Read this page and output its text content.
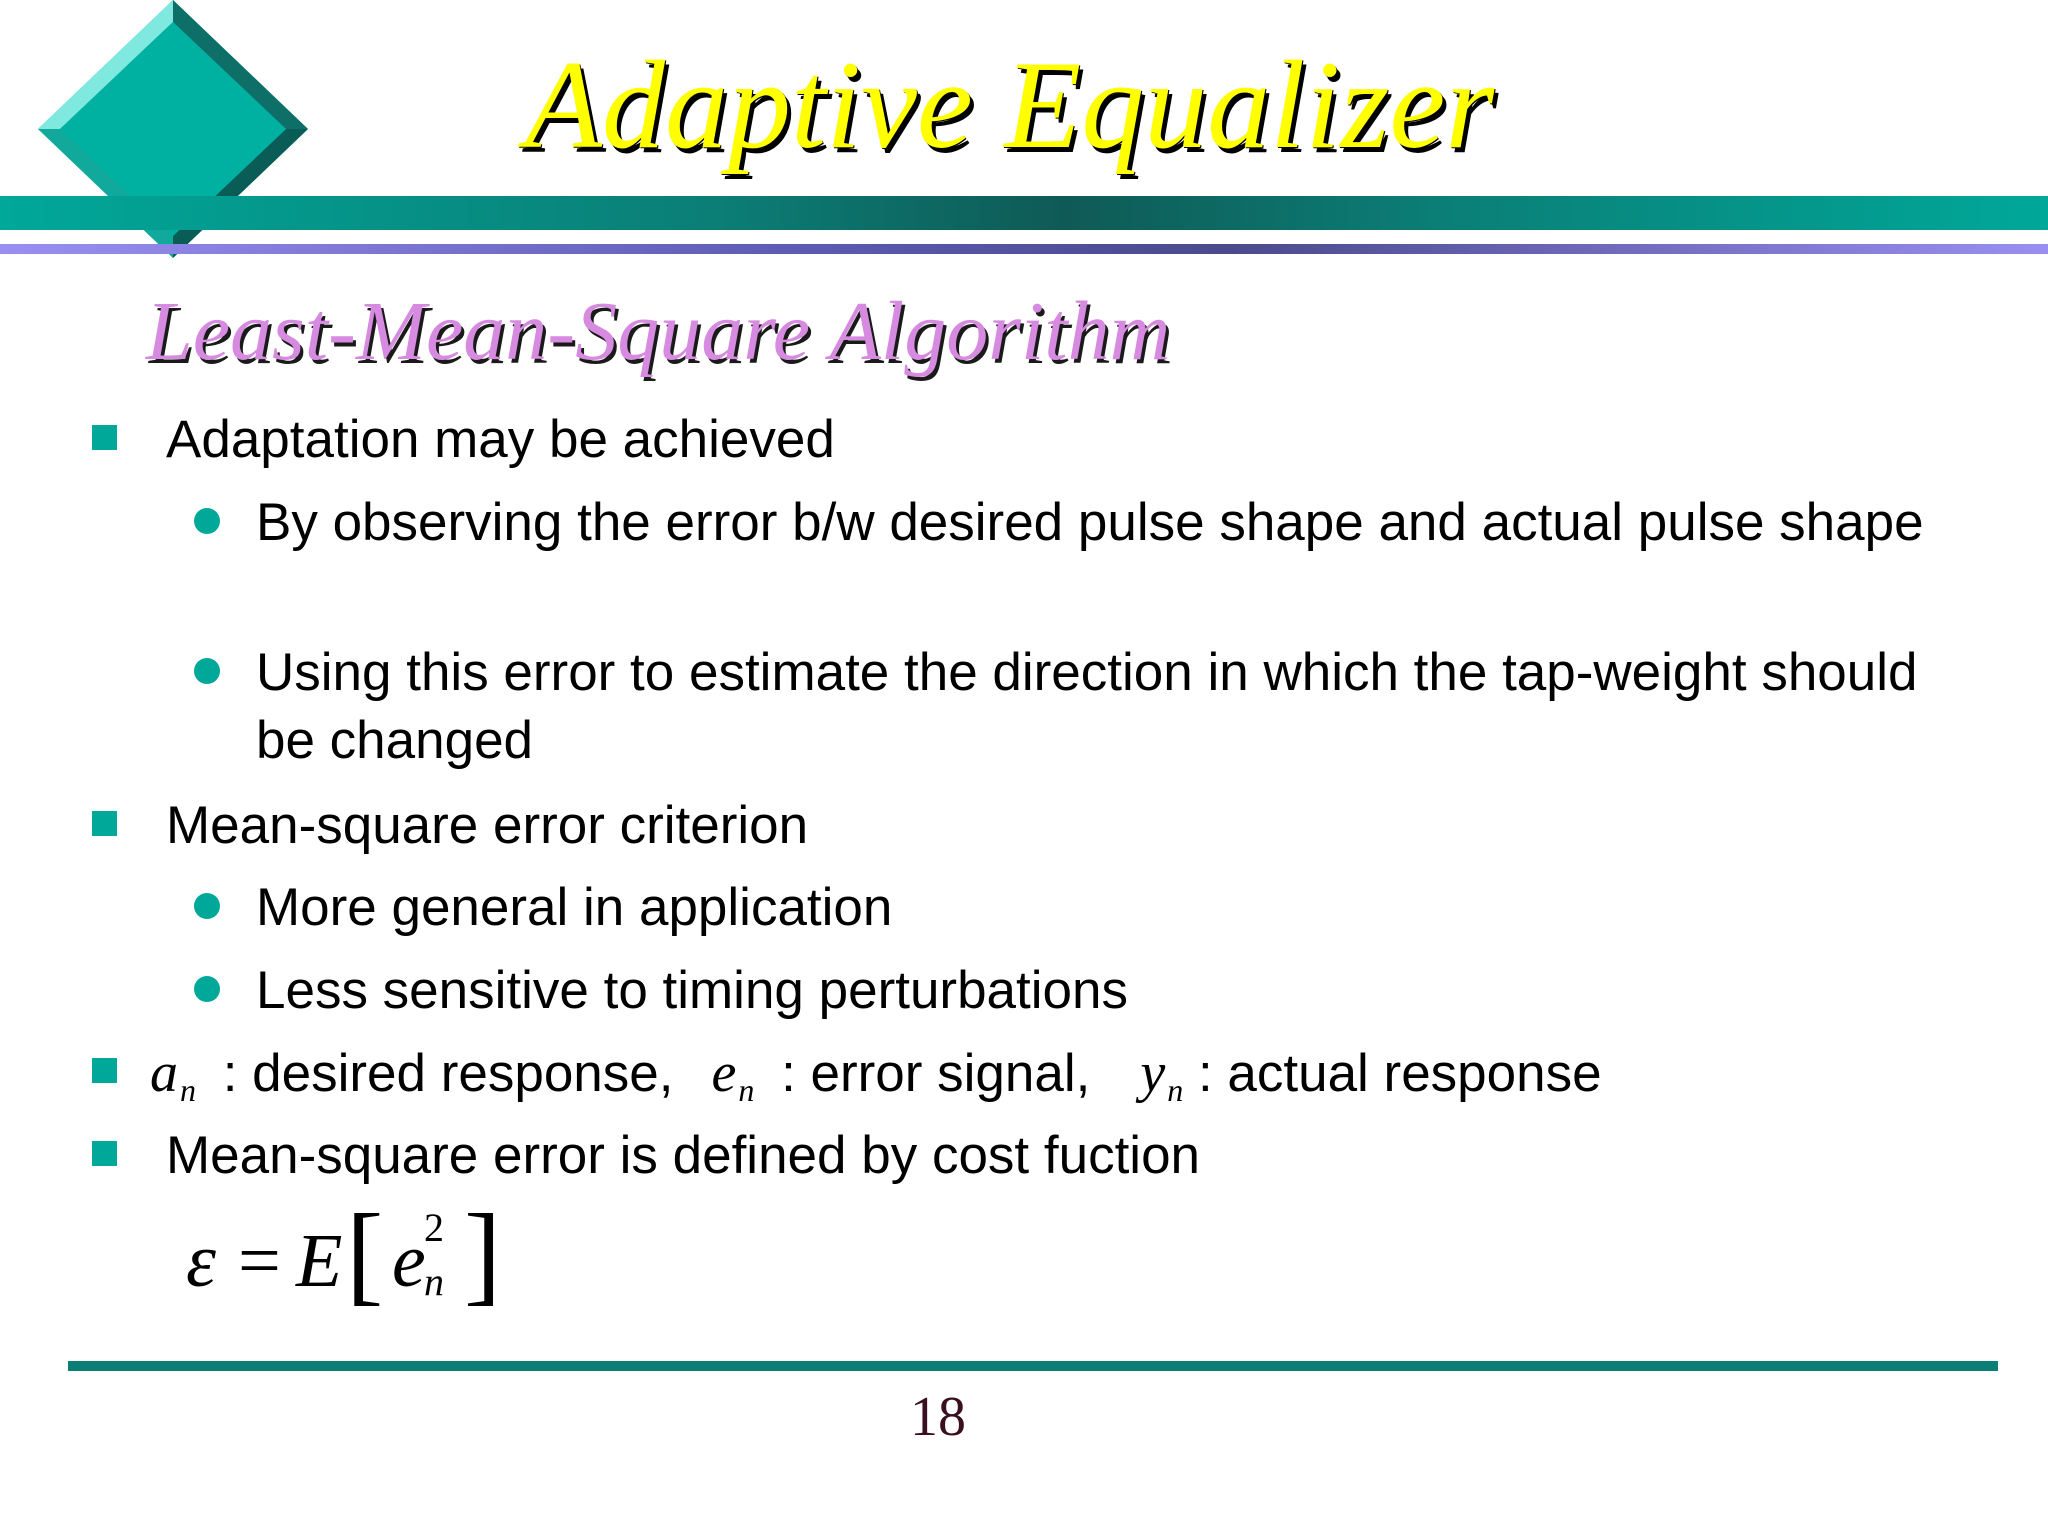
Adaptive Equalizer
Least-Mean-Square Algorithm
Adaptation may be achieved
By observing the error b/w desired pulse shape and actual pulse shape
Using this error to estimate the direction in which the tap-weight should be changed
Mean-square error criterion
More general in application
Less sensitive to timing perturbations
an : desired response, en : error signal, yn : actual response
Mean-square error is defined by cost fuction
ε = E [ e
2
n ]
18
